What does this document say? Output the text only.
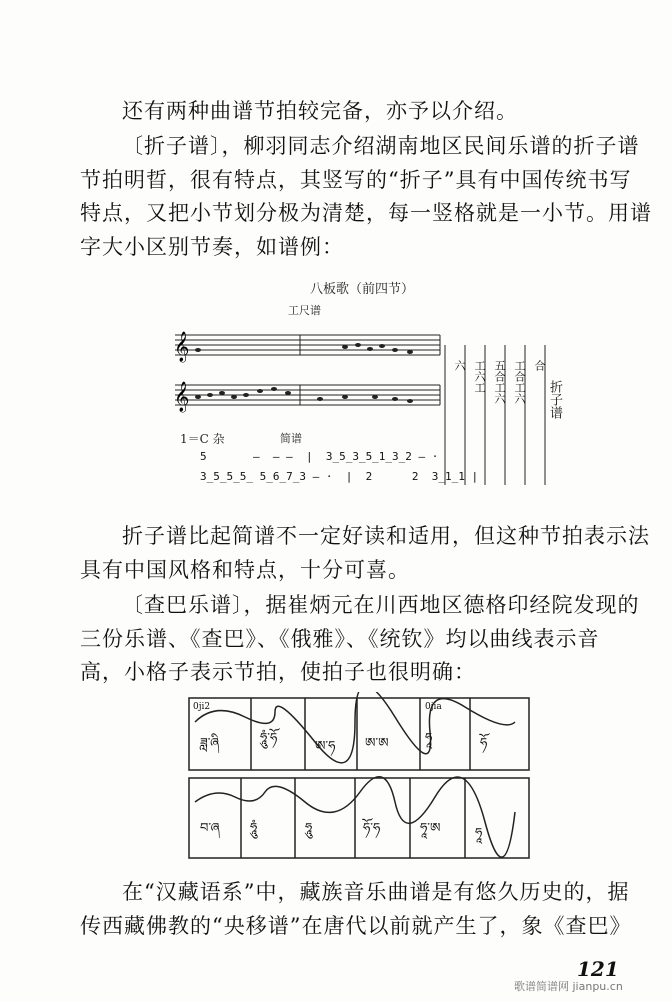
还有两种曲谱节拍较完备，亦予以介绍。

〔折子谱〕，柳羽同志介绍湖南地区民间乐谱的折子谱
节拍明晢，很有特点，其竖写的“折子”具有中国传统书写
特点，又把小节划分极为清楚，每一竖格就是一小节。用谱
字大小区别节奏，如谱例：

八板歌（前四节）
工尺谱
𝄞
𝄞
1＝C 杂	简谱
5       —  — —  |  3̲5̲3̲5̲1̲3̲2 — ·
3̲5̲5̲5̲ 5̲6̲7̲3 — ·  |  2      2  3̲1̲1 |
六 工六工 五合工六 工合工六 合
折子谱

折子谱比起简谱不一定好读和适用，但这种节拍表示法
具有中国风格和特点，十分可喜。

〔查巴乐谱〕，据崔炳元在川西地区德格印经院发现的
三份乐谱、《查巴》、《俄雅》、《统钦》均以曲线表示音
高，小格子表示节拍，使拍子也很明确：

ཟླ་ཞི	ཧཱུཾ་ཧོ
ཨ་ཧ ཨ་ཨ	ཧཱ	ཧོ
བ་ཞ ཧཱུཾ	ཧཱུ	ཧོ་ཧ	ཧཱ་ཨ	ཧཱ
0ji2	0jia

在“汉藏语系”中，藏族音乐曲谱是有悠久历史的，据
传西藏佛教的“央移谱”在唐代以前就产生了，象《查巴》

121
歌谱简谱网 jianpu.cn
